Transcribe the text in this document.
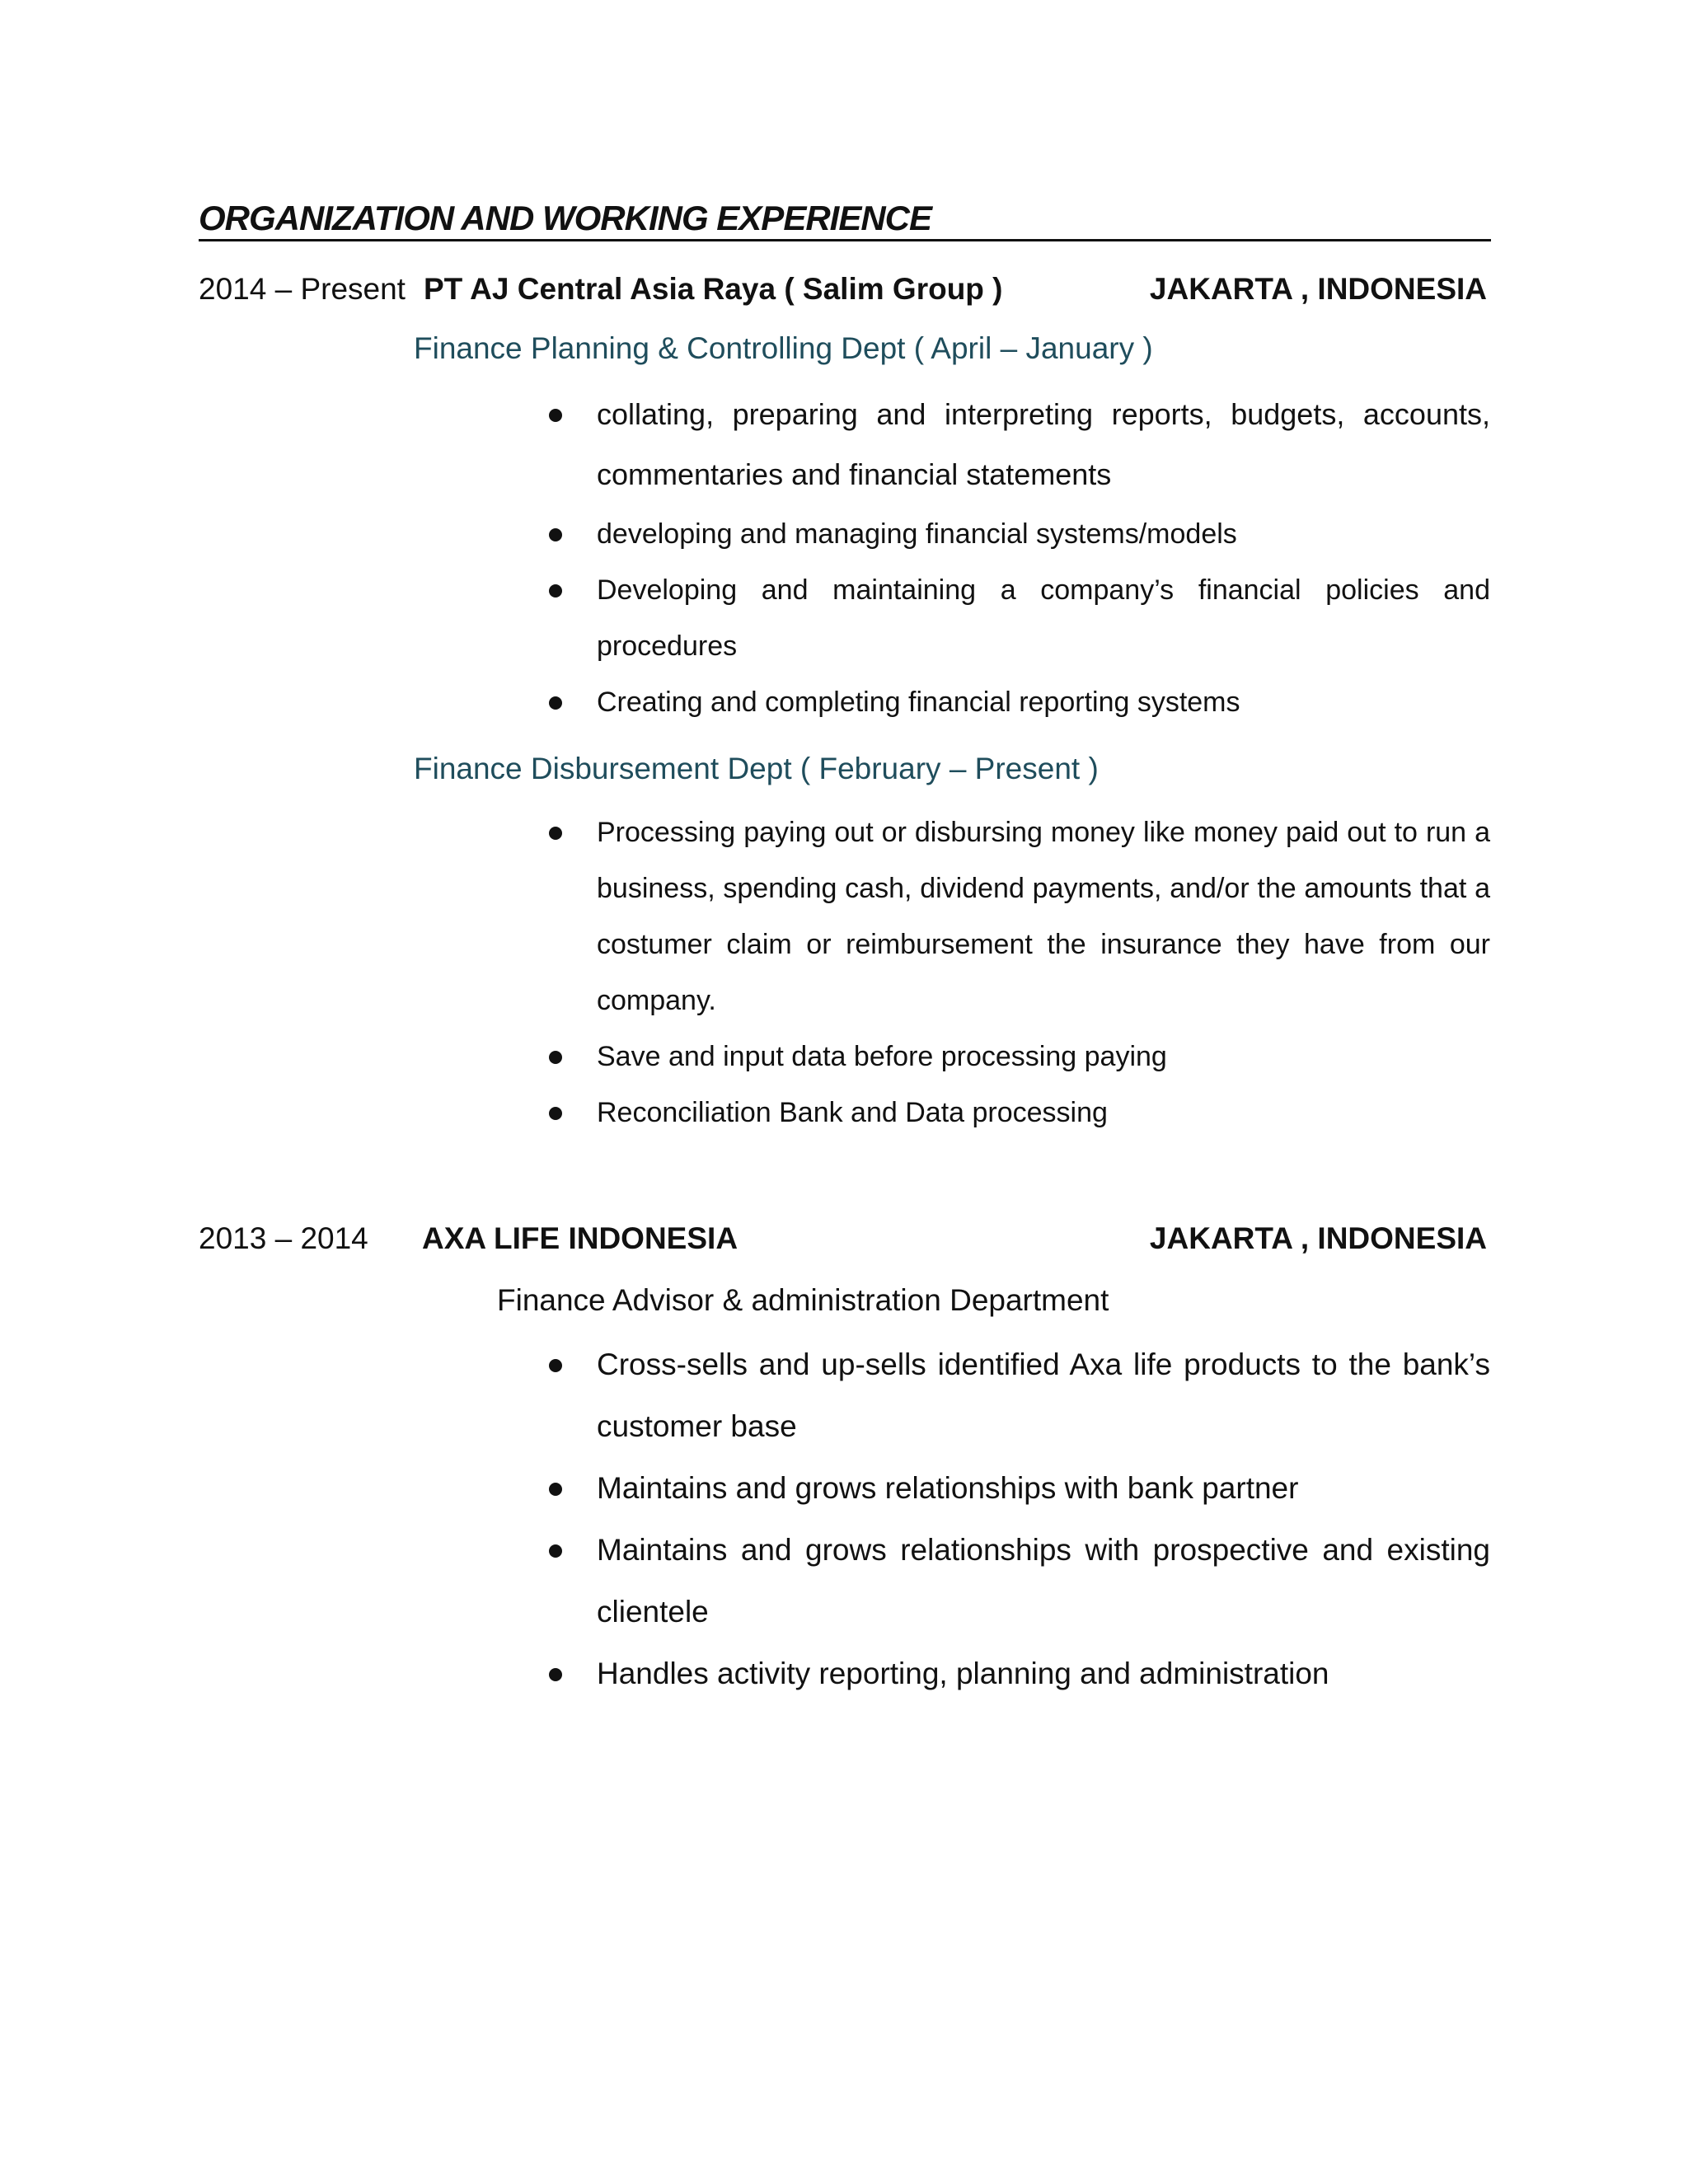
ORGANIZATION AND WORKING EXPERIENCE
2014 – Present PT AJ Central Asia Raya ( Salim Group )	JAKARTA , INDONESIA
Finance Planning & Controlling Dept ( April – January )
collating, preparing and interpreting reports, budgets, accounts, commentaries and financial statements
developing and managing financial systems/models
Developing and maintaining a company’s financial policies and procedures
Creating and completing financial reporting systems
Finance Disbursement Dept ( February – Present )
Processing paying out or disbursing money like money paid out to run a business, spending cash, dividend payments, and/or the amounts that a costumer claim or reimbursement the insurance they have from our company.
Save and input data before processing paying
Reconciliation Bank and Data processing
2013 – 2014 AXA LIFE INDONESIA	JAKARTA , INDONESIA
Finance Advisor & administration Department
Cross-sells and up-sells identified Axa life products to the bank’s customer base
Maintains and grows relationships with bank partner
Maintains and grows relationships with prospective and existing clientele
Handles activity reporting, planning and administration
